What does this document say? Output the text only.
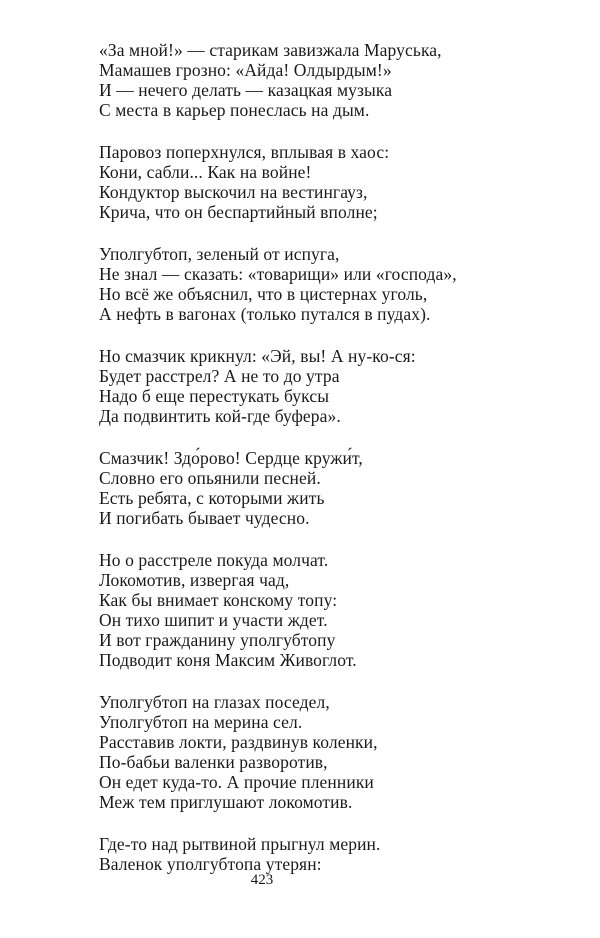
«За мной!» — старикам завизжала Маруська,
Мамашев грозно: «Айда! Олдырдым!»
И — нечего делать — казацкая музыка
С места в карьер понеслась на дым.
Паровоз поперхнулся, вплывая в хаос:
Кони, сабли... Как на войне!
Кондуктор выскочил на вестингауз,
Крича, что он беспартийный вполне;
Уполгубтоп, зеленый от испуга,
Не знал — сказать: «товарищи» или «господа»,
Но всё же объяснил, что в цистернах уголь,
А нефть в вагонах (только путался в пудах).
Но смазчик крикнул: «Эй, вы! А ну-ко-ся:
Будет расстрел? А не то до утра
Надо б еще перестукать буксы
Да подвинтить кой-где буфера».
Смазчик! Здо́рово! Сердце кружи́т,
Словно его опьянили песней.
Есть ребята, с которыми жить
И погибать бывает чудесно.
Но о расстреле покуда молчат.
Локомотив, извергая чад,
Как бы внимает конскому топу:
Он тихо шипит и участи ждет.
И вот гражданину уполгубтопу
Подводит коня Максим Живоглот.
Уполгубтоп на глазах поседел,
Уполгубтоп на мерина сел.
Расставив локти, раздвинув коленки,
По-бабьи валенки разворотив,
Он едет куда-то. А прочие пленники
Меж тем приглушают локомотив.
Где-то над рытвиной прыгнул мерин.
Валенок уполгубтопа утерян:
423
